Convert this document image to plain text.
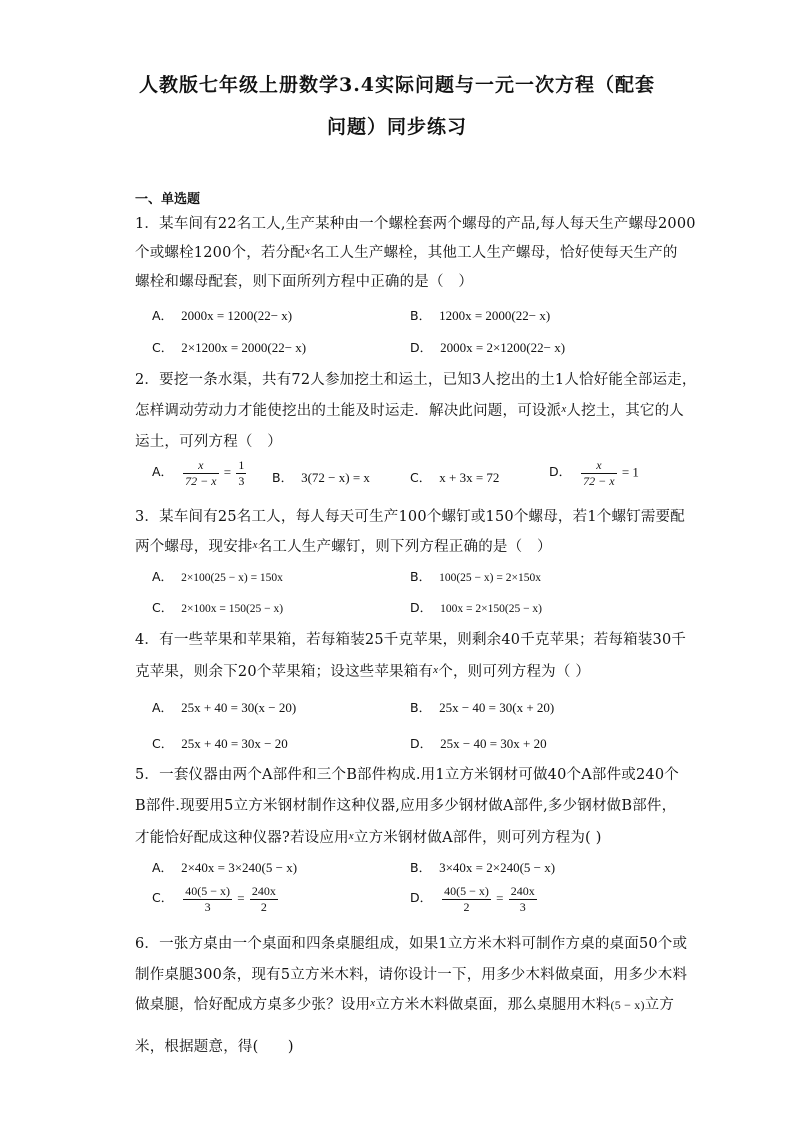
人教版七年级上册数学3.4实际问题与一元一次方程（配套
问题）同步练习
一、单选题
1．某车间有22名工人,生产某种由一个螺栓套两个螺母的产品,每人每天生产螺母2000
个或螺栓1200个，若分配$^x$名工人生产螺栓，其他工人生产螺母，恰好使每天生产的
螺栓和螺母配套，则下面所列方程中正确的是（　）
A． 2000x = 1200(22− x)	B． 1200x = 2000(22− x)
C． 2×1200x = 2000(22− x)	D． 2000x = 2×1200(22− x)
2．要挖一条水渠，共有72人参加挖土和运土，已知3人挖出的土1人恰好能全部运走，
怎样调动劳动力才能使挖出的土能及时运走．解决此问题，可设派$^x$人挖土，其它的人
运土，可列方程（　）
A． $\frac{x}{72 - x} = \frac{1}{3}$ B． 3(72 − x) = x	C． x + 3x = 72	D． $\frac{x}{72 - x} = 1$
3．某车间有25名工人，每人每天可生产100个螺钉或150个螺母，若1个螺钉需要配
两个螺母，现安排$^x$名工人生产螺钉，则下列方程正确的是（　）
A． 2×100(25 − x) = 150x	B． 100(25 − x) = 2×150x
C． 2×100x = 150(25 − x)	D． 100x = 2×150(25 − x)
4．有一些苹果和苹果箱，若每箱装25千克苹果，则剩余40千克苹果；若每箱装30千
克苹果，则余下20个苹果箱；设这些苹果箱有$^x$个，则可列方程为（ ）
A． 25x + 40 = 30(x − 20)	B． 25x − 40 = 30(x + 20)
C． 25x + 40 = 30x − 20	D． 25x − 40 = 30x + 20
5．一套仪器由两个A部件和三个B部件构成.用1立方米钢材可做40个A部件或240个
B部件.现要用5立方米钢材制作这种仪器,应用多少钢材做A部件,多少钢材做B部件，
才能恰好配成这种仪器?若设应用$^x$立方米钢材做A部件，则可列方程为( )
A． 2×40x = 3×240(5 − x)	B． 3×40x = 2×240(5 − x)
C． $\frac{40(5 - x)}{3} = \frac{240x}{2}$	D． $\frac{40(5 - x)}{2} = \frac{240x}{3}$
6．一张方桌由一个桌面和四条桌腿组成，如果1立方米木料可制作方桌的桌面50个或
制作桌腿300条，现有5立方米木料，请你设计一下，用多少木料做桌面，用多少木料
做桌腿，恰好配成方桌多少张？设用$^x$立方米木料做桌面，那么桌腿用木料(5 − x)立方
米，根据题意，得(　　)
